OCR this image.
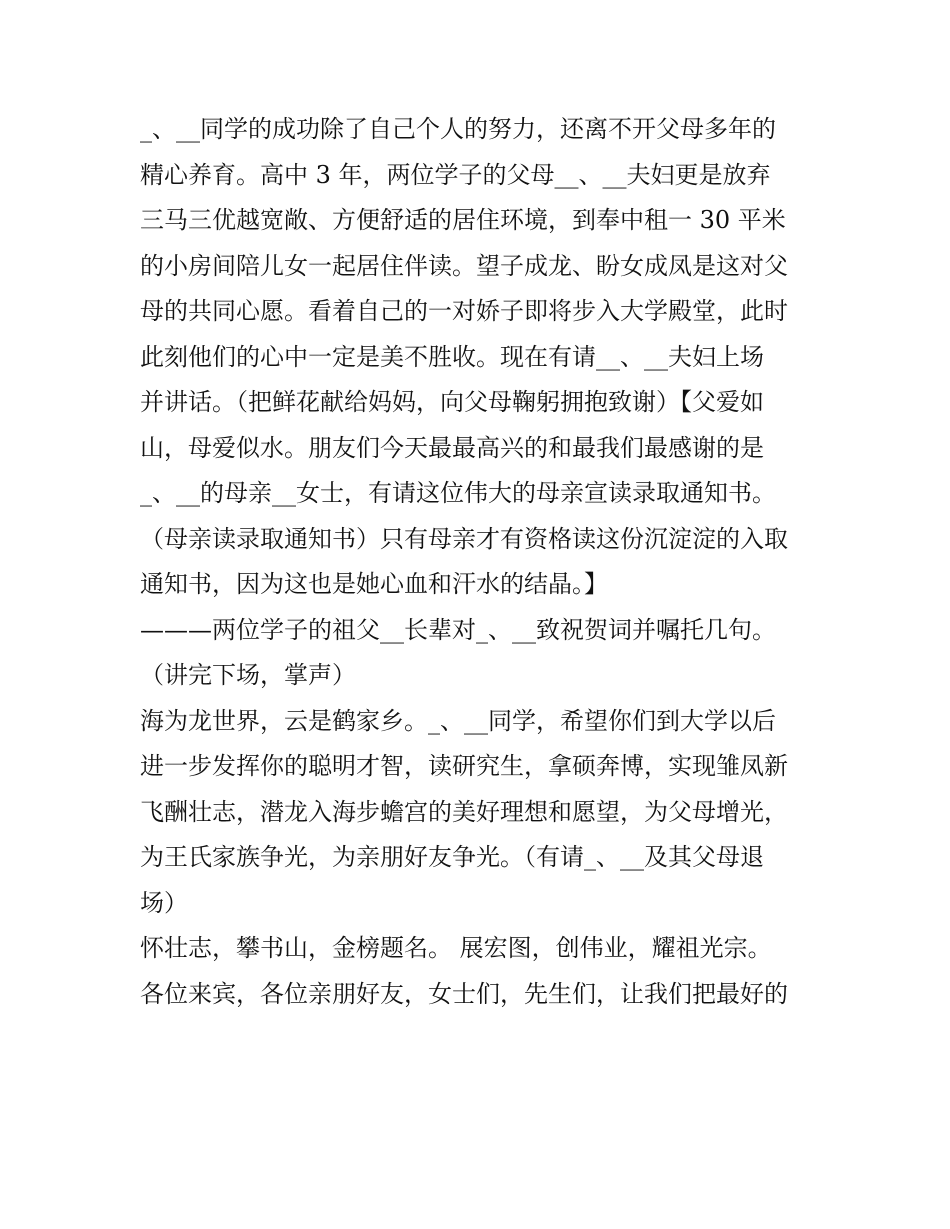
_、__同学的成功除了自己个人的努力，还离不开父母多年的
精心养育。高中 3 年，两位学子的父母__、__夫妇更是放弃
三马三优越宽敞、方便舒适的居住环境，到奉中租一 30 平米
的小房间陪儿女一起居住伴读。望子成龙、盼女成凤是这对父
母的共同心愿。看着自己的一对娇子即将步入大学殿堂，此时
此刻他们的心中一定是美不胜收。现在有请__、__夫妇上场
并讲话。（把鲜花献给妈妈，向父母鞠躬拥抱致谢）【父爱如
山，母爱似水。朋友们今天最最高兴的和最我们最感谢的是
_、__的母亲__女士，有请这位伟大的母亲宣读录取通知书。
（母亲读录取通知书）只有母亲才有资格读这份沉淀淀的入取
通知书，因为这也是她心血和汗水的结晶。】
———两位学子的祖父__长辈对_、__致祝贺词并嘱托几句。
（讲完下场，掌声）
海为龙世界，云是鹤家乡。_、__同学，希望你们到大学以后
进一步发挥你的聪明才智，读研究生，拿硕奔博，实现雏凤新
飞酬壮志，潜龙入海步蟾宫的美好理想和愿望，为父母增光，
为王氏家族争光，为亲朋好友争光。（有请_、__及其父母退
场）
怀壮志，攀书山，金榜题名。 展宏图，创伟业，耀祖光宗。
各位来宾，各位亲朋好友，女士们，先生们，让我们把最好的
